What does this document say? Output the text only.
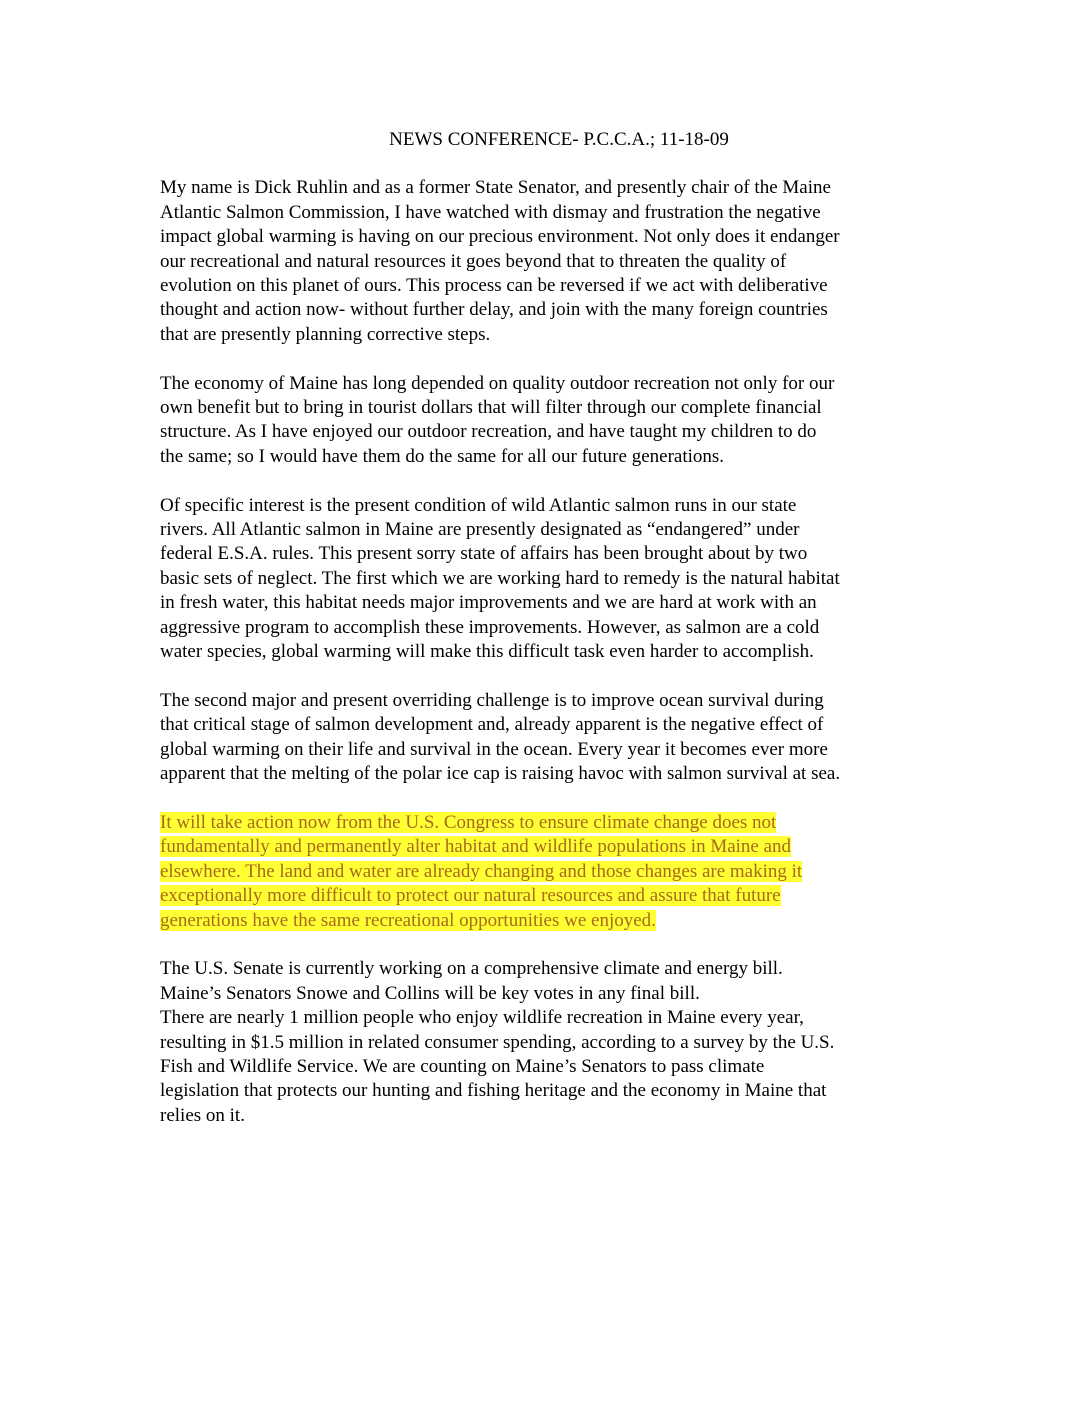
NEWS CONFERENCE- P.C.C.A.; 11-18-09
My name is Dick Ruhlin and as a former State Senator, and presently chair of the Maine
Atlantic Salmon Commission, I have watched with dismay and frustration the negative
impact global warming is having on our precious environment. Not only does it endanger
our recreational and natural resources it goes beyond that to threaten the quality of
evolution on this planet of ours. This process can be reversed if we act with deliberative
thought and action now- without further delay, and join with the many foreign countries
that are presently planning corrective steps.
The economy of Maine has long depended on quality outdoor recreation not only for our
own benefit but to bring in tourist dollars that will filter through our complete financial
structure. As I have enjoyed our outdoor recreation, and have taught my children to do
the same; so I would have them do the same for all our future generations.
Of specific interest is the present condition of wild Atlantic salmon runs in our state
rivers. All Atlantic salmon in Maine are presently designated as “endangered” under
federal E.S.A. rules. This present sorry state of affairs has been brought about by two
basic sets of neglect. The first which we are working hard to remedy is the natural habitat
in fresh water, this habitat needs major improvements and we are hard at work with an
aggressive program to accomplish these improvements. However, as salmon are a cold
water species, global warming will make this difficult task even harder to accomplish.
The second major and present overriding challenge is to improve ocean survival during
that critical stage of salmon development and, already apparent is the negative effect of
global warming on their life and survival in the ocean. Every year it becomes ever more
apparent that the melting of the polar ice cap is raising havoc with salmon survival at sea.
It will take action now from the U.S. Congress to ensure climate change does not
fundamentally and permanently alter habitat and wildlife populations in Maine and
elsewhere. The land and water are already changing and those changes are making it
exceptionally more difficult to protect our natural resources and assure that future
generations have the same recreational opportunities we enjoyed.
The U.S. Senate is currently working on a comprehensive climate and energy bill.
Maine’s Senators Snowe and Collins will be key votes in any final bill.
There are nearly 1 million people who enjoy wildlife recreation in Maine every year,
resulting in $1.5 million in related consumer spending, according to a survey by the U.S.
Fish and Wildlife Service. We are counting on Maine’s Senators to pass climate
legislation that protects our hunting and fishing heritage and the economy in Maine that
relies on it.
